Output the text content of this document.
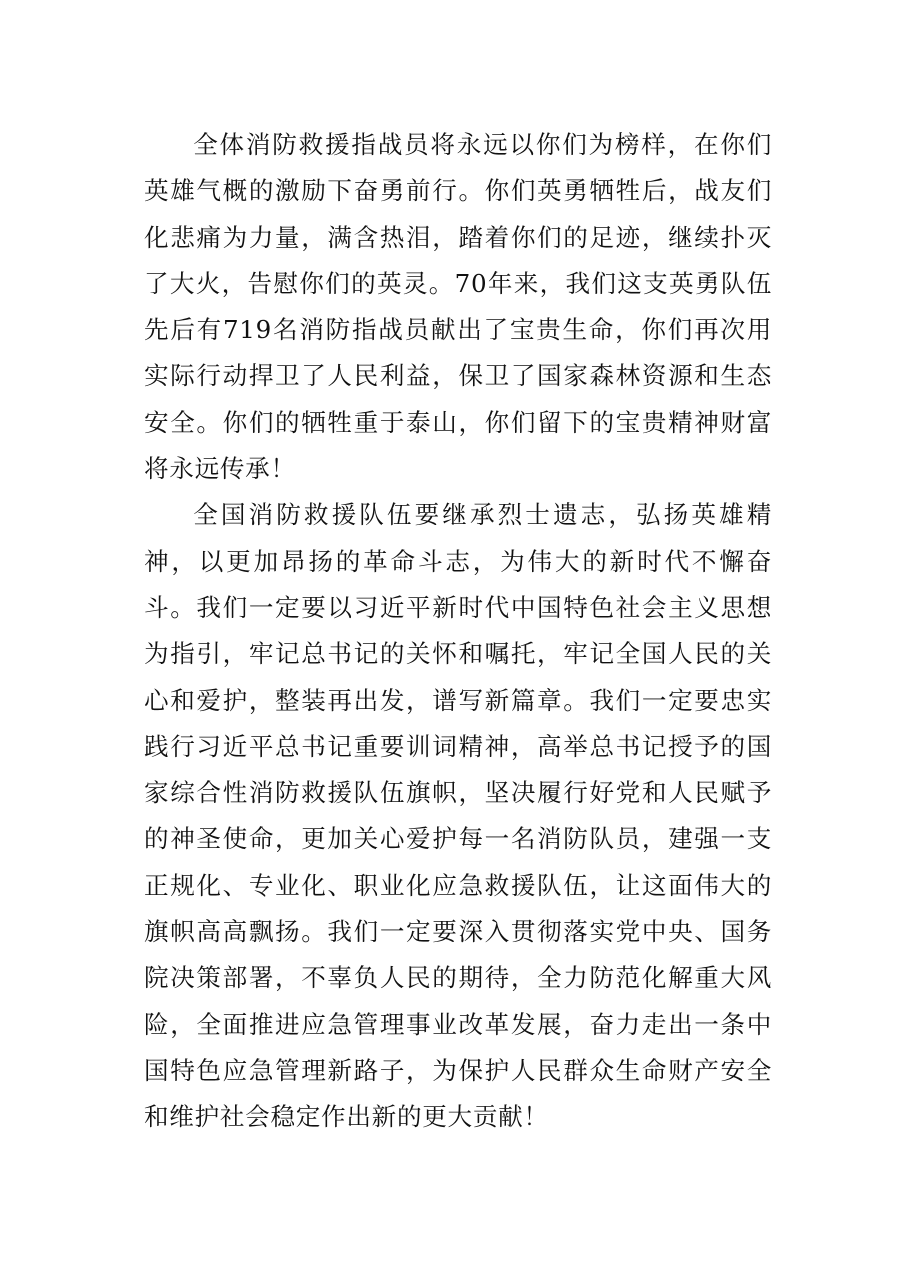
全体消防救援指战员将永远以你们为榜样，在你们英雄气概的激励下奋勇前行。你们英勇牺牲后，战友们化悲痛为力量，满含热泪，踏着你们的足迹，继续扑灭了大火，告慰你们的英灵。70年来，我们这支英勇队伍先后有719名消防指战员献出了宝贵生命，你们再次用实际行动捍卫了人民利益，保卫了国家森林资源和生态安全。你们的牺牲重于泰山，你们留下的宝贵精神财富将永远传承！

全国消防救援队伍要继承烈士遗志，弘扬英雄精神，以更加昂扬的革命斗志，为伟大的新时代不懈奋斗。我们一定要以习近平新时代中国特色社会主义思想为指引，牢记总书记的关怀和嘱托，牢记全国人民的关心和爱护，整装再出发，谱写新篇章。我们一定要忠实践行习近平总书记重要训词精神，高举总书记授予的国家综合性消防救援队伍旗帜，坚决履行好党和人民赋予的神圣使命，更加关心爱护每一名消防队员，建强一支正规化、专业化、职业化应急救援队伍，让这面伟大的旗帜高高飘扬。我们一定要深入贯彻落实党中央、国务院决策部署，不辜负人民的期待，全力防范化解重大风险，全面推进应急管理事业改革发展，奋力走出一条中国特色应急管理新路子，为保护人民群众生命财产安全和维护社会稳定作出新的更大贡献！
